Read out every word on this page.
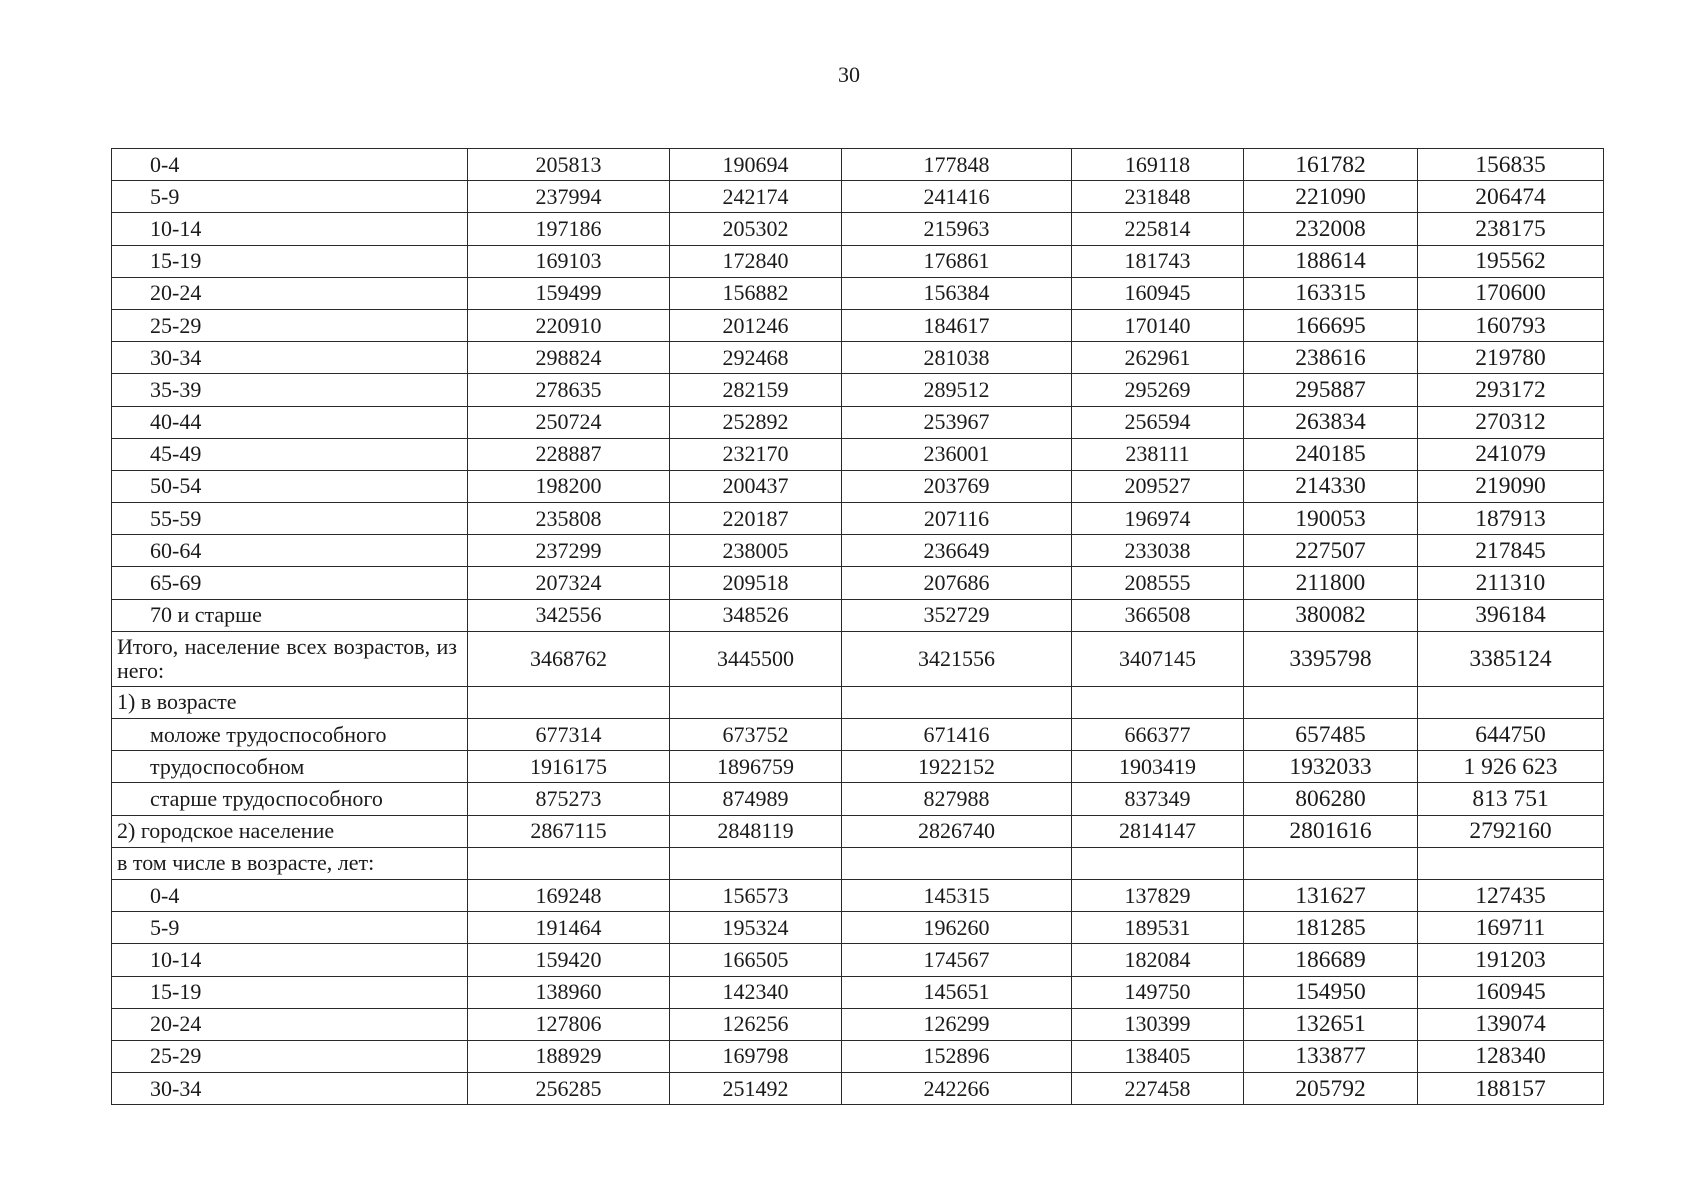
30
0-4	205813	190694	177848	169118	161782	156835
5-9	237994	242174	241416	231848	221090	206474
10-14	197186	205302	215963	225814	232008	238175
15-19	169103	172840	176861	181743	188614	195562
20-24	159499	156882	156384	160945	163315	170600
25-29	220910	201246	184617	170140	166695	160793
30-34	298824	292468	281038	262961	238616	219780
35-39	278635	282159	289512	295269	295887	293172
40-44	250724	252892	253967	256594	263834	270312
45-49	228887	232170	236001	238111	240185	241079
50-54	198200	200437	203769	209527	214330	219090
55-59	235808	220187	207116	196974	190053	187913
60-64	237299	238005	236649	233038	227507	217845
65-69	207324	209518	207686	208555	211800	211310
70 и старше	342556	348526	352729	366508	380082	396184
Итого, население всех возрастов, из него:	3468762	3445500	3421556	3407145	3395798	3385124
1) в возрасте						
моложе трудоспособного	677314	673752	671416	666377	657485	644750
трудоспособном	1916175	1896759	1922152	1903419	1932033	1 926 623
старше трудоспособного	875273	874989	827988	837349	806280	813 751
2) городское население	2867115	2848119	2826740	2814147	2801616	2792160
в том числе в возрасте, лет:						
0-4	169248	156573	145315	137829	131627	127435
5-9	191464	195324	196260	189531	181285	169711
10-14	159420	166505	174567	182084	186689	191203
15-19	138960	142340	145651	149750	154950	160945
20-24	127806	126256	126299	130399	132651	139074
25-29	188929	169798	152896	138405	133877	128340
30-34	256285	251492	242266	227458	205792	188157
